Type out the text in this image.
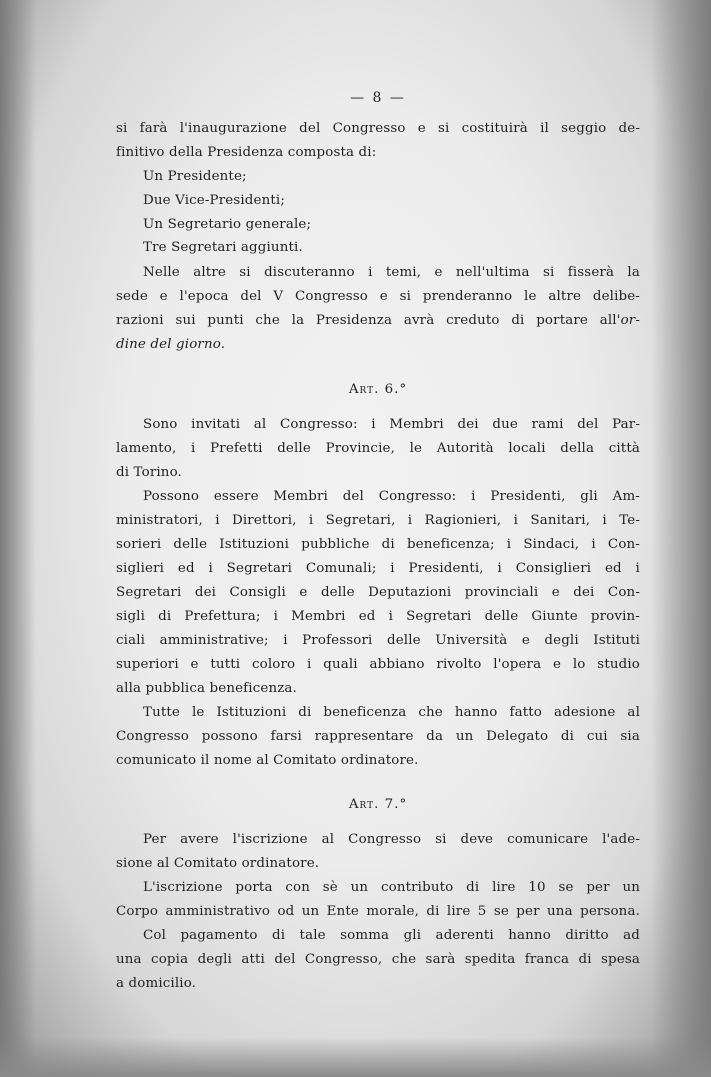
— 8 —
si farà l'inaugurazione del Congresso e si costituirà il seggio de-
finitivo della Presidenza composta di:
Un Presidente;
Due Vice-Presidenti;
Un Segretario generale;
Tre Segretari aggiunti.
Nelle altre si discuteranno i temi, e nell'ultima si fisserà la
sede e l'epoca del V Congresso e si prenderanno le altre delibe-
razioni sui punti che la Presidenza avrà creduto di portare all'or-
dine del giorno.
Art. 6.°
Sono invitati al Congresso: i Membri dei due rami del Par-
lamento, i Prefetti delle Provincie, le Autorità locali della città
di Torino.
Possono essere Membri del Congresso: i Presidenti, gli Am-
ministratori, i Direttori, i Segretari, i Ragionieri, i Sanitari, i Te-
sorieri delle Istituzioni pubbliche di beneficenza; i Sindaci, i Con-
siglieri ed i Segretari Comunali; i Presidenti, i Consiglieri ed i
Segretari dei Consigli e delle Deputazioni provinciali e dei Con-
sigli di Prefettura; i Membri ed i Segretari delle Giunte provin-
ciali amministrative; i Professori delle Università e degli Istituti
superiori e tutti coloro i quali abbiano rivolto l'opera e lo studio
alla pubblica beneficenza.
Tutte le Istituzioni di beneficenza che hanno fatto adesione al
Congresso possono farsi rappresentare da un Delegato di cui sia
comunicato il nome al Comitato ordinatore.
Art. 7.°
Per avere l'iscrizione al Congresso si deve comunicare l'ade-
sione al Comitato ordinatore.
L'iscrizione porta con sè un contributo di lire 10 se per un
Corpo amministrativo od un Ente morale, di lire 5 se per una persona.
Col pagamento di tale somma gli aderenti hanno diritto ad
una copia degli atti del Congresso, che sarà spedita franca di spesa
a domicilio.
